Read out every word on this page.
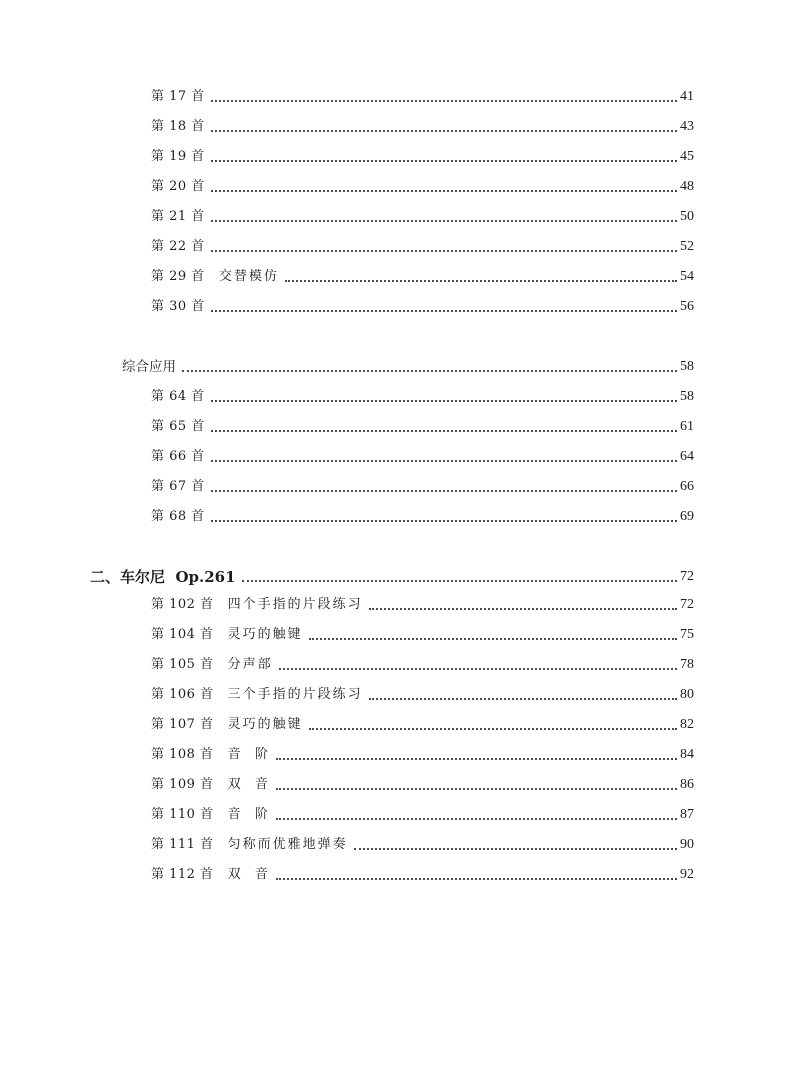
第 17 首	41
第 18 首	43
第 19 首	45
第 20 首	48
第 21 首	50
第 22 首	52
第 29 首 交替模仿	54
第 30 首	56
综合应用	58
第 64 首	58
第 65 首	61
第 66 首	64
第 67 首	66
第 68 首	69
二、车尔尼  Op.261	72
第 102 首 四个手指的片段练习	72
第 104 首 灵巧的触键	75
第 105 首 分声部	78
第 106 首 三个手指的片段练习	80
第 107 首 灵巧的触键	82
第 108 首 音  阶	84
第 109 首 双  音	86
第 110 首 音  阶	87
第 111 首 匀称而优雅地弹奏	90
第 112 首 双  音	92
